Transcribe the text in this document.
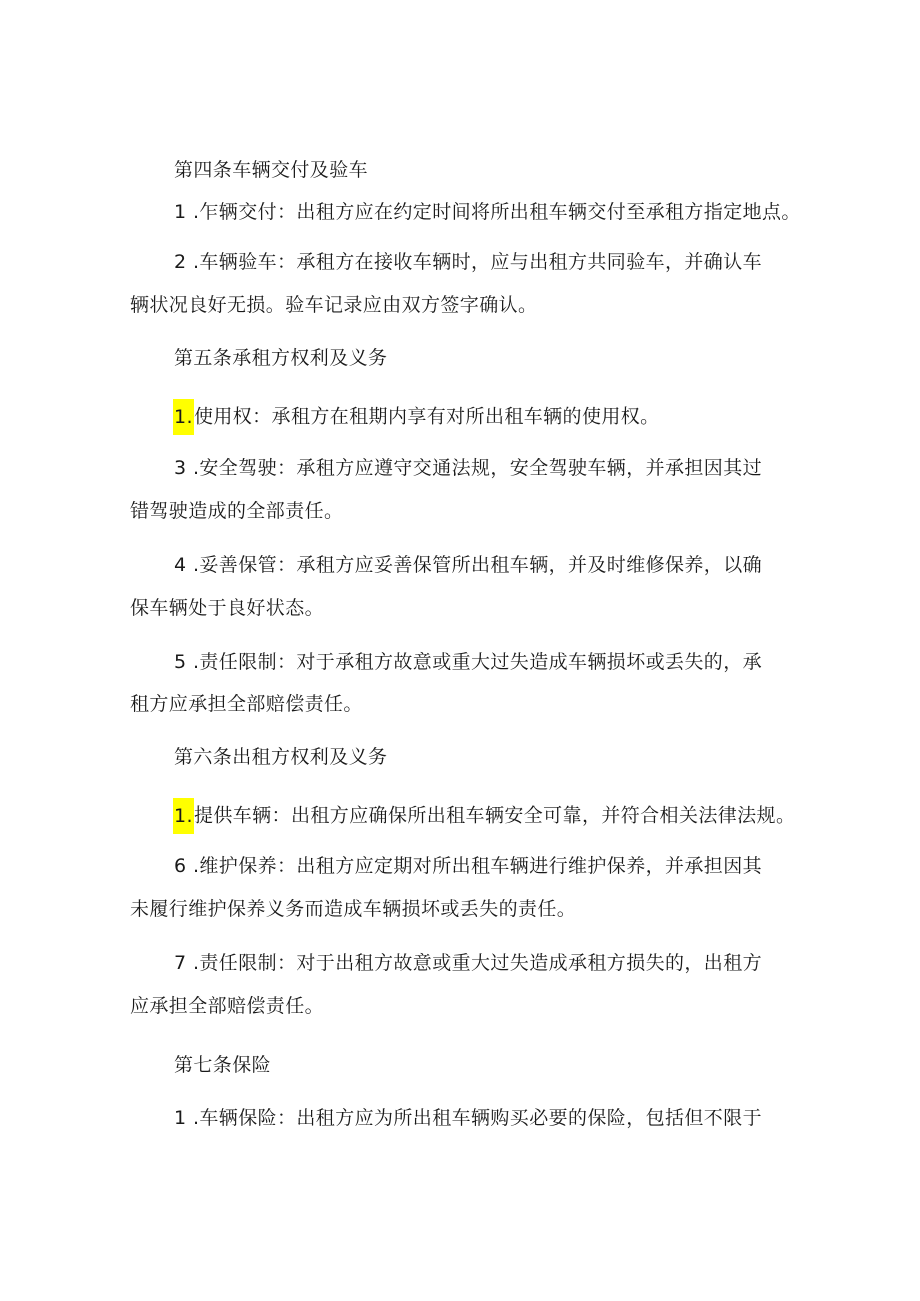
第四条车辆交付及验车
1 .乍辆交付：出租方应在约定时间将所出租车辆交付至承租方指定地点。
2 .车辆验车：承租方在接收车辆时，应与出租方共同验车，并确认车
辆状况良好无损。验车记录应由双方签字确认。
第五条承租方权利及义务
1.使用权：承租方在租期内享有对所出租车辆的使用权。
3 .安全驾驶：承租方应遵守交通法规，安全驾驶车辆，并承担因其过
错驾驶造成的全部责任。
4 .妥善保管：承租方应妥善保管所出租车辆，并及时维修保养，以确
保车辆处于良好状态。
5 .责任限制：对于承租方故意或重大过失造成车辆损坏或丢失的，承
租方应承担全部赔偿责任。
第六条出租方权利及义务
1.提供车辆：出租方应确保所出租车辆安全可靠，并符合相关法律法规。
6 .维护保养：出租方应定期对所出租车辆进行维护保养，并承担因其
未履行维护保养义务而造成车辆损坏或丢失的责任。
7 .责任限制：对于出租方故意或重大过失造成承租方损失的，出租方
应承担全部赔偿责任。
第七条保险
1 .车辆保险：出租方应为所出租车辆购买必要的保险，包括但不限于
